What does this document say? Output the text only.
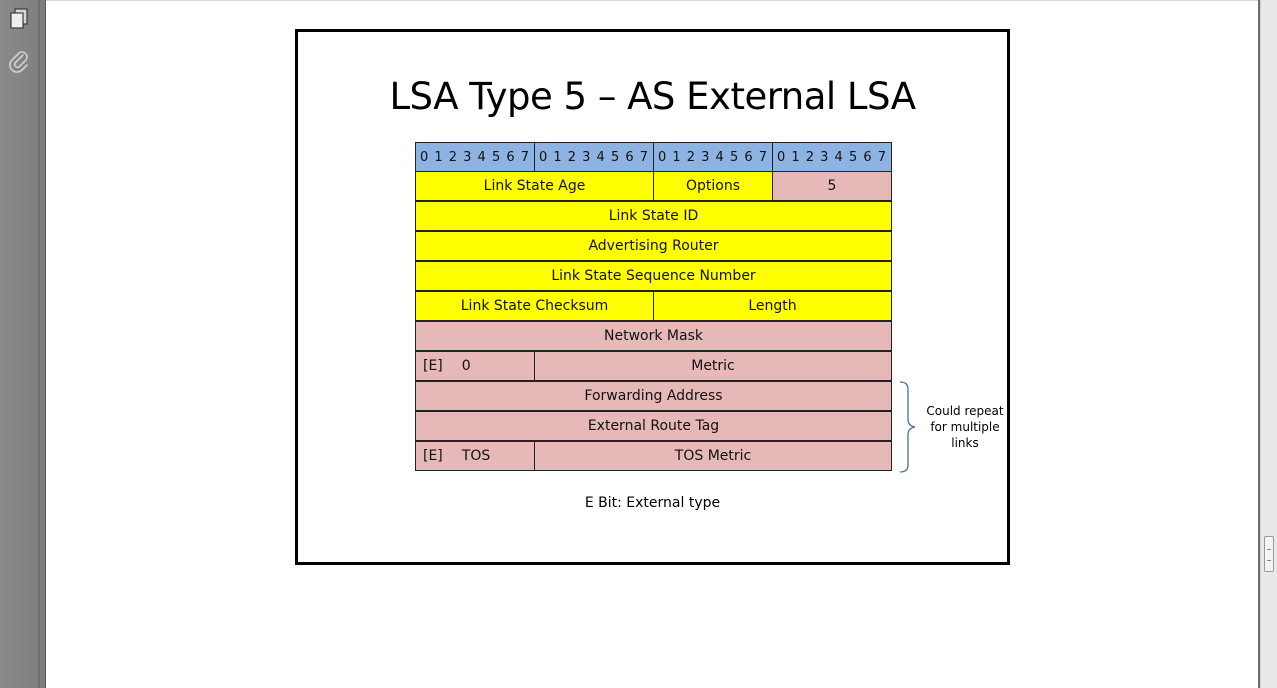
LSA Type 5 – AS External LSA
0 1 2 3 4 5 6 7	0 1 2 3 4 5 6 7	0 1 2 3 4 5 6 7	0 1 2 3 4 5 6 7
Link State Age		Options	5
Link State ID			
Advertising Router			
Link State Sequence Number			
Link State Checksum		Length	
Network Mask			
[E] 0	Metric		
Forwarding Address			
External Route Tag			
[E] TOS	TOS Metric		
Could repeat
for multiple
links
E Bit: External type
